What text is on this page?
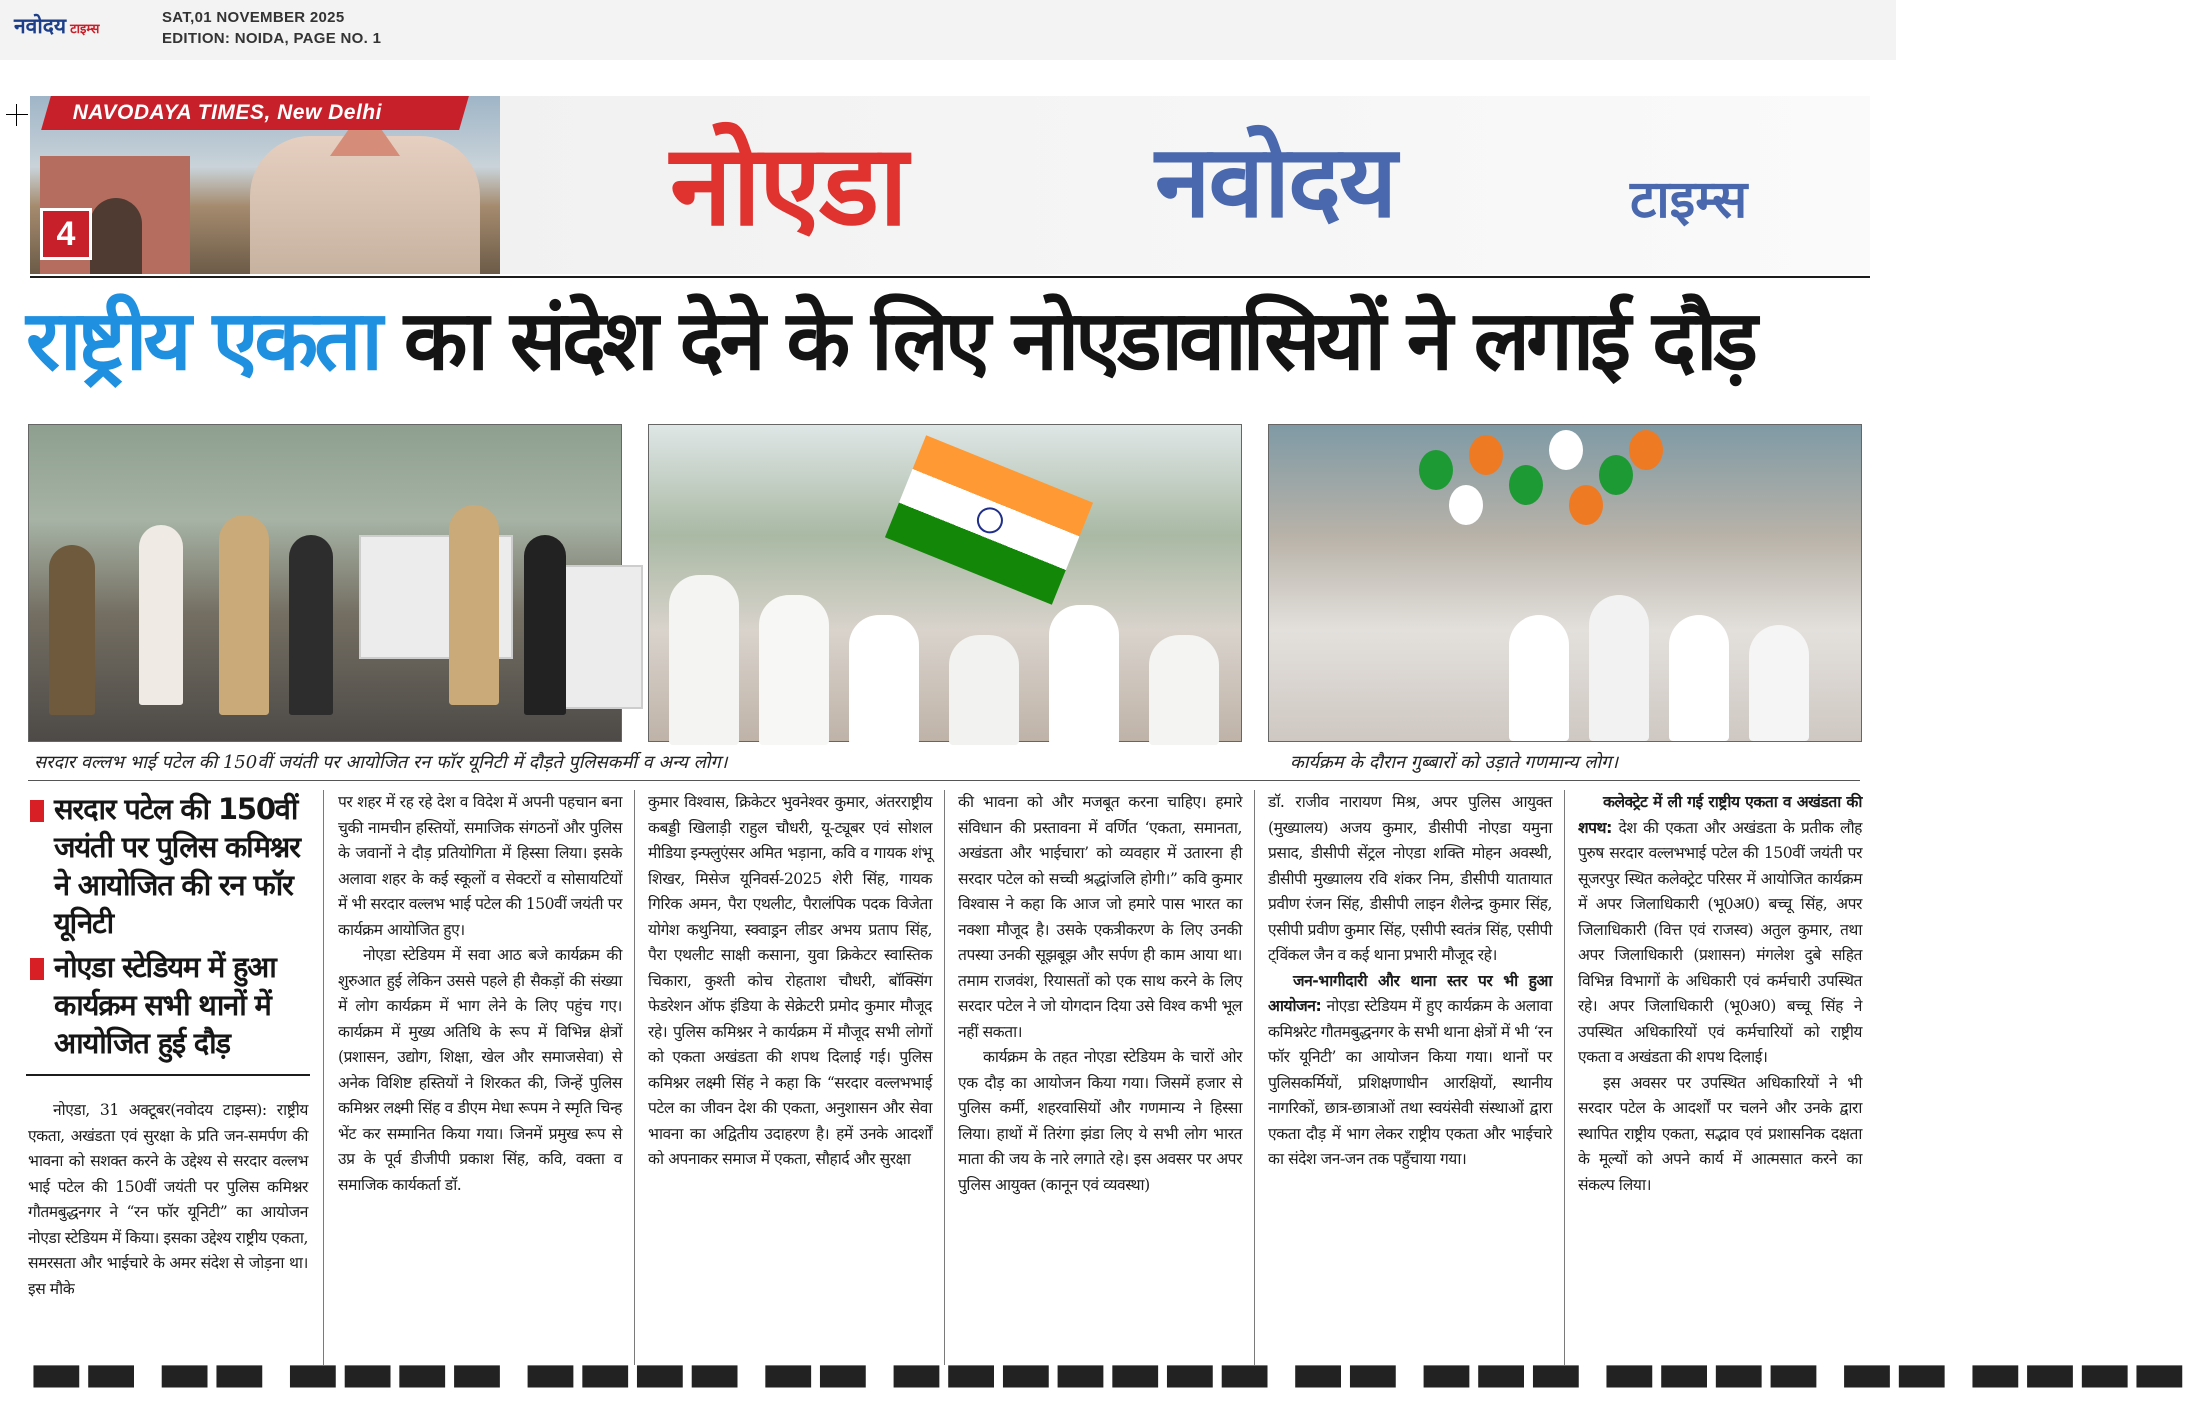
नवोदय टाइम्स
SAT,01 NOVEMBER 2025
EDITION: NOIDA, PAGE NO. 1
NAVODAYA TIMES, New Delhi
4	नोएडा नवोदय	टाइम्स
राष्ट्रीय एकता का संदेश देने के लिए नोएडावासियों ने लगाई दौड़
सरदार वल्लभ भाई पटेल की 150वीं जयंती पर आयोजित रन फॉर यूनिटी में दौड़ते पुलिसकर्मी व अन्य लोग।	कार्यक्रम के दौरान गुब्बारों को उड़ाते गणमान्य लोग।
सरदार पटेल की 150वीं जयंती पर पुलिस कमिश्नर ने आयोजित की रन फॉर यूनिटी
नोएडा स्टेडियम में हुआ कार्यक्रम सभी थानों में आयोजित हुई दौड़

नोएडा, 31 अक्टूबर(नवोदय टाइम्स): राष्ट्रीय एकता, अखंडता एवं सुरक्षा के प्रति जन-समर्पण की भावना को सशक्त करने के उद्देश्य से सरदार वल्लभ भाई पटेल की 150वीं जयंती पर पुलिस कमिश्नर गौतमबुद्धनगर ने “रन फॉर यूनिटी” का आयोजन नोएडा स्टेडियम में किया। इसका उद्देश्य राष्ट्रीय एकता, समरसता और भाईचारे के अमर संदेश से जोड़ना था। इस मौके

पर शहर में रह रहे देश व विदेश में अपनी पहचान बना चुकी नामचीन हस्तियों, समाजिक संगठनों और पुलिस के जवानों ने दौड़ प्रतियोगिता में हिस्सा लिया। इसके अलावा शहर के कई स्कूलों व सेक्टरों व सोसायटियों में भी सरदार वल्लभ भाई पटेल की 150वीं जयंती पर कार्यक्रम आयोजित हुए।

नोएडा स्टेडियम में सवा आठ बजे कार्यक्रम की शुरुआत हुई लेकिन उससे पहले ही सैकड़ों की संख्या में लोग कार्यक्रम में भाग लेने के लिए पहुंच गए। कार्यक्रम में मुख्य अतिथि के रूप में विभिन्न क्षेत्रों (प्रशासन, उद्योग, शिक्षा, खेल और समाजसेवा) से अनेक विशिष्ट हस्तियों ने शिरकत की, जिन्हें पुलिस कमिश्नर लक्ष्मी सिंह व डीएम मेधा रूपम ने स्मृति चिन्ह भेंट कर सम्मानित किया गया। जिनमें प्रमुख रूप से उप्र के पूर्व डीजीपी प्रकाश सिंह, कवि, वक्ता व समाजिक कार्यकर्ता डॉ.

कुमार विश्वास, क्रिकेटर भुवनेश्वर कुमार, अंतरराष्ट्रीय कबड्डी खिलाड़ी राहुल चौधरी, यू-ट्यूबर एवं सोशल मीडिया इन्फ्लुएंसर अमित भड़ाना, कवि व गायक शंभू शिखर, मिसेज यूनिवर्स-2025 शेरी सिंह, गायक गिरिक अमन, पैरा एथलीट, पैरालंपिक पदक विजेता योगेश कथुनिया, स्क्वाड्रन लीडर अभय प्रताप सिंह, पैरा एथलीट साक्षी कसाना, युवा क्रिकेटर स्वास्तिक चिकारा, कुश्ती कोच रोहताश चौधरी, बॉक्सिंग फेडरेशन ऑफ इंडिया के सेक्रेटरी प्रमोद कुमार मौजूद रहे। पुलिस कमिश्नर ने कार्यक्रम में मौजूद सभी लोगों को एकता अखंडता की शपथ दिलाई गई। पुलिस कमिश्नर लक्ष्मी सिंह ने कहा कि “सरदार वल्लभभाई पटेल का जीवन देश की एकता, अनुशासन और सेवा भावना का अद्वितीय उदाहरण है। हमें उनके आदर्शों को अपनाकर समाज में एकता, सौहार्द और सुरक्षा

की भावना को और मजबूत करना चाहिए। हमारे संविधान की प्रस्तावना में वर्णित ‘एकता, समानता, अखंडता और भाईचारा’ को व्यवहार में उतारना ही सरदार पटेल को सच्ची श्रद्धांजलि होगी।” कवि कुमार विश्वास ने कहा कि आज जो हमारे पास भारत का नक्शा मौजूद है। उसके एकत्रीकरण के लिए उनकी तपस्या उनकी सूझबूझ और सर्पण ही काम आया था। तमाम राजवंश, रियासतों को एक साथ करने के लिए सरदार पटेल ने जो योगदान दिया उसे विश्व कभी भूल नहीं सकता।

कार्यक्रम के तहत नोएडा स्टेडियम के चारों ओर एक दौड़ का आयोजन किया गया। जिसमें हजार से पुलिस कर्मी, शहरवासियों और गणमान्य ने हिस्सा लिया। हाथों में तिरंगा झंडा लिए ये सभी लोग भारत माता की जय के नारे लगाते रहे। इस अवसर पर अपर पुलिस आयुक्त (कानून एवं व्यवस्था)

डॉ. राजीव नारायण मिश्र, अपर पुलिस आयुक्त (मुख्यालय) अजय कुमार, डीसीपी नोएडा यमुना प्रसाद, डीसीपी सेंट्रल नोएडा शक्ति मोहन अवस्थी, डीसीपी मुख्यालय रवि शंकर निम, डीसीपी यातायात प्रवीण रंजन सिंह, डीसीपी लाइन शैलेन्द्र कुमार सिंह, एसीपी प्रवीण कुमार सिंह, एसीपी स्वतंत्र सिंह, एसीपी ट्विंकल जैन व कई थाना प्रभारी मौजूद रहे।

जन-भागीदारी और थाना स्तर पर भी हुआ आयोजन: नोएडा स्टेडियम में हुए कार्यक्रम के अलावा कमिश्नरेट गौतमबुद्धनगर के सभी थाना क्षेत्रों में भी ‘रन फॉर यूनिटी’ का आयोजन किया गया। थानों पर पुलिसकर्मियों, प्रशिक्षणाधीन आरक्षियों, स्थानीय नागरिकों, छात्र-छात्राओं तथा स्वयंसेवी संस्थाओं द्वारा एकता दौड़ में भाग लेकर राष्ट्रीय एकता और भाईचारे का संदेश जन-जन तक पहुँचाया गया।

कलेक्ट्रेट में ली गई राष्ट्रीय एकता व अखंडता की शपथ: देश की एकता और अखंडता के प्रतीक लौह पुरुष सरदार वल्लभभाई पटेल की 150वीं जयंती पर सूजरपुर स्थित कलेक्ट्रेट परिसर में आयोजित कार्यक्रम में अपर जिलाधिकारी (भू0अ0) बच्चू सिंह, अपर जिलाधिकारी (वित्त एवं राजस्व) अतुल कुमार, तथा अपर जिलाधिकारी (प्रशासन) मंगलेश दुबे सहित विभिन्न विभागों के अधिकारी एवं कर्मचारी उपस्थित रहे। अपर जिलाधिकारी (भू0अ0) बच्चू सिंह ने उपस्थित अधिकारियों एवं कर्मचारियों को राष्ट्रीय एकता व अखंडता की शपथ दिलाई।

इस अवसर पर उपस्थित अधिकारियों ने भी सरदार पटेल के आदर्शों पर चलने और उनके द्वारा स्थापित राष्ट्रीय एकता, सद्भाव एवं प्रशासनिक दक्षता के मूल्यों को अपने कार्य में आत्मसात करने का संकल्प लिया।

▬▬ ▬▬ ▬▬▬▬ ▬▬▬▬ ▬▬ ▬▬▬▬▬▬▬ ▬▬ ▬▬▬ ▬▬▬▬ ▬▬ ▬▬▬▬
